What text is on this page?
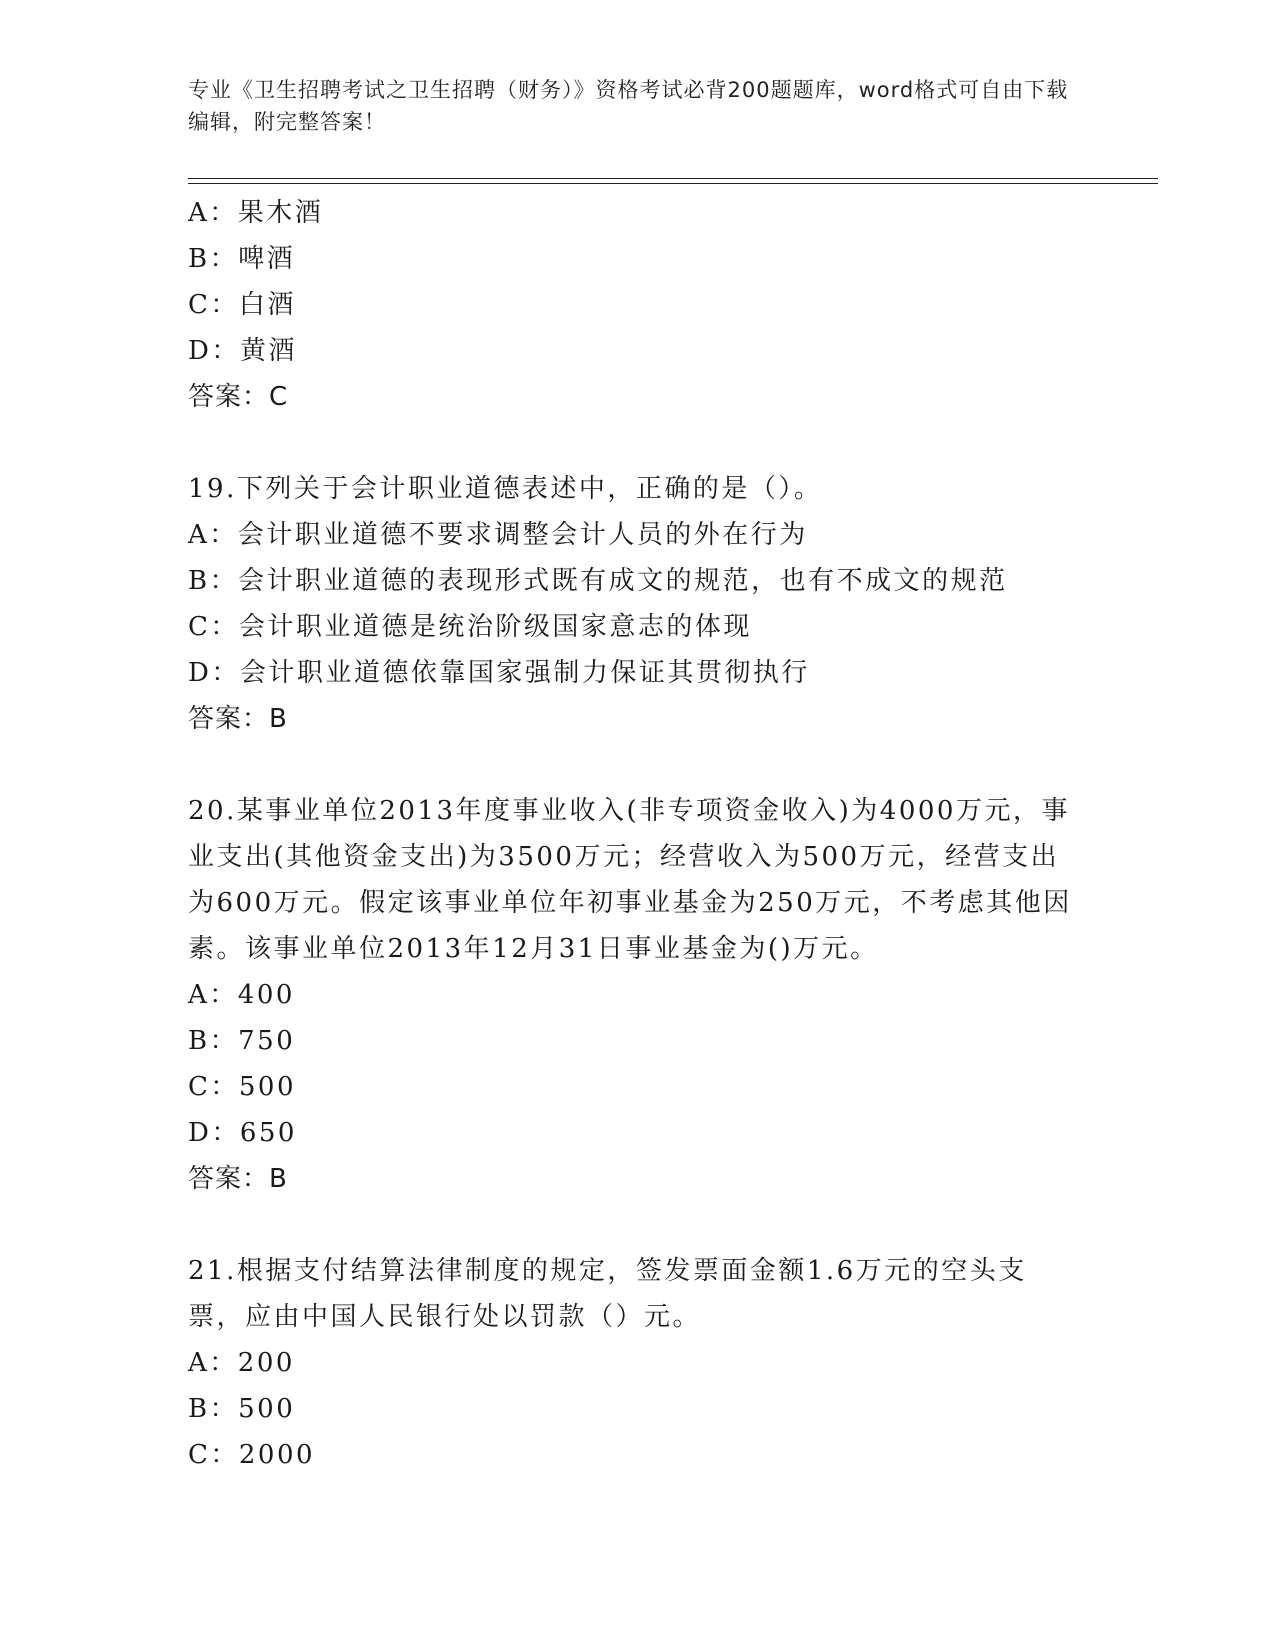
专业《卫生招聘考试之卫生招聘（财务）》资格考试必背200题题库，word格式可自由下载编辑，附完整答案！
A：果木酒
B：啤酒
C：白酒
D：黄酒
答案：C
19.下列关于会计职业道德表述中，正确的是（）。
A：会计职业道德不要求调整会计人员的外在行为
B：会计职业道德的表现形式既有成文的规范，也有不成文的规范
C：会计职业道德是统治阶级国家意志的体现
D：会计职业道德依靠国家强制力保证其贯彻执行
答案：B
20.某事业单位2013年度事业收入(非专项资金收入)为4000万元，事业支出(其他资金支出)为3500万元；经营收入为500万元，经营支出为600万元。假定该事业单位年初事业基金为250万元，不考虑其他因素。该事业单位2013年12月31日事业基金为()万元。
A：400
B：750
C：500
D：650
答案：B
21.根据支付结算法律制度的规定，签发票面金额1.6万元的空头支票，应由中国人民银行处以罚款（）元。
A：200
B：500
C：2000
